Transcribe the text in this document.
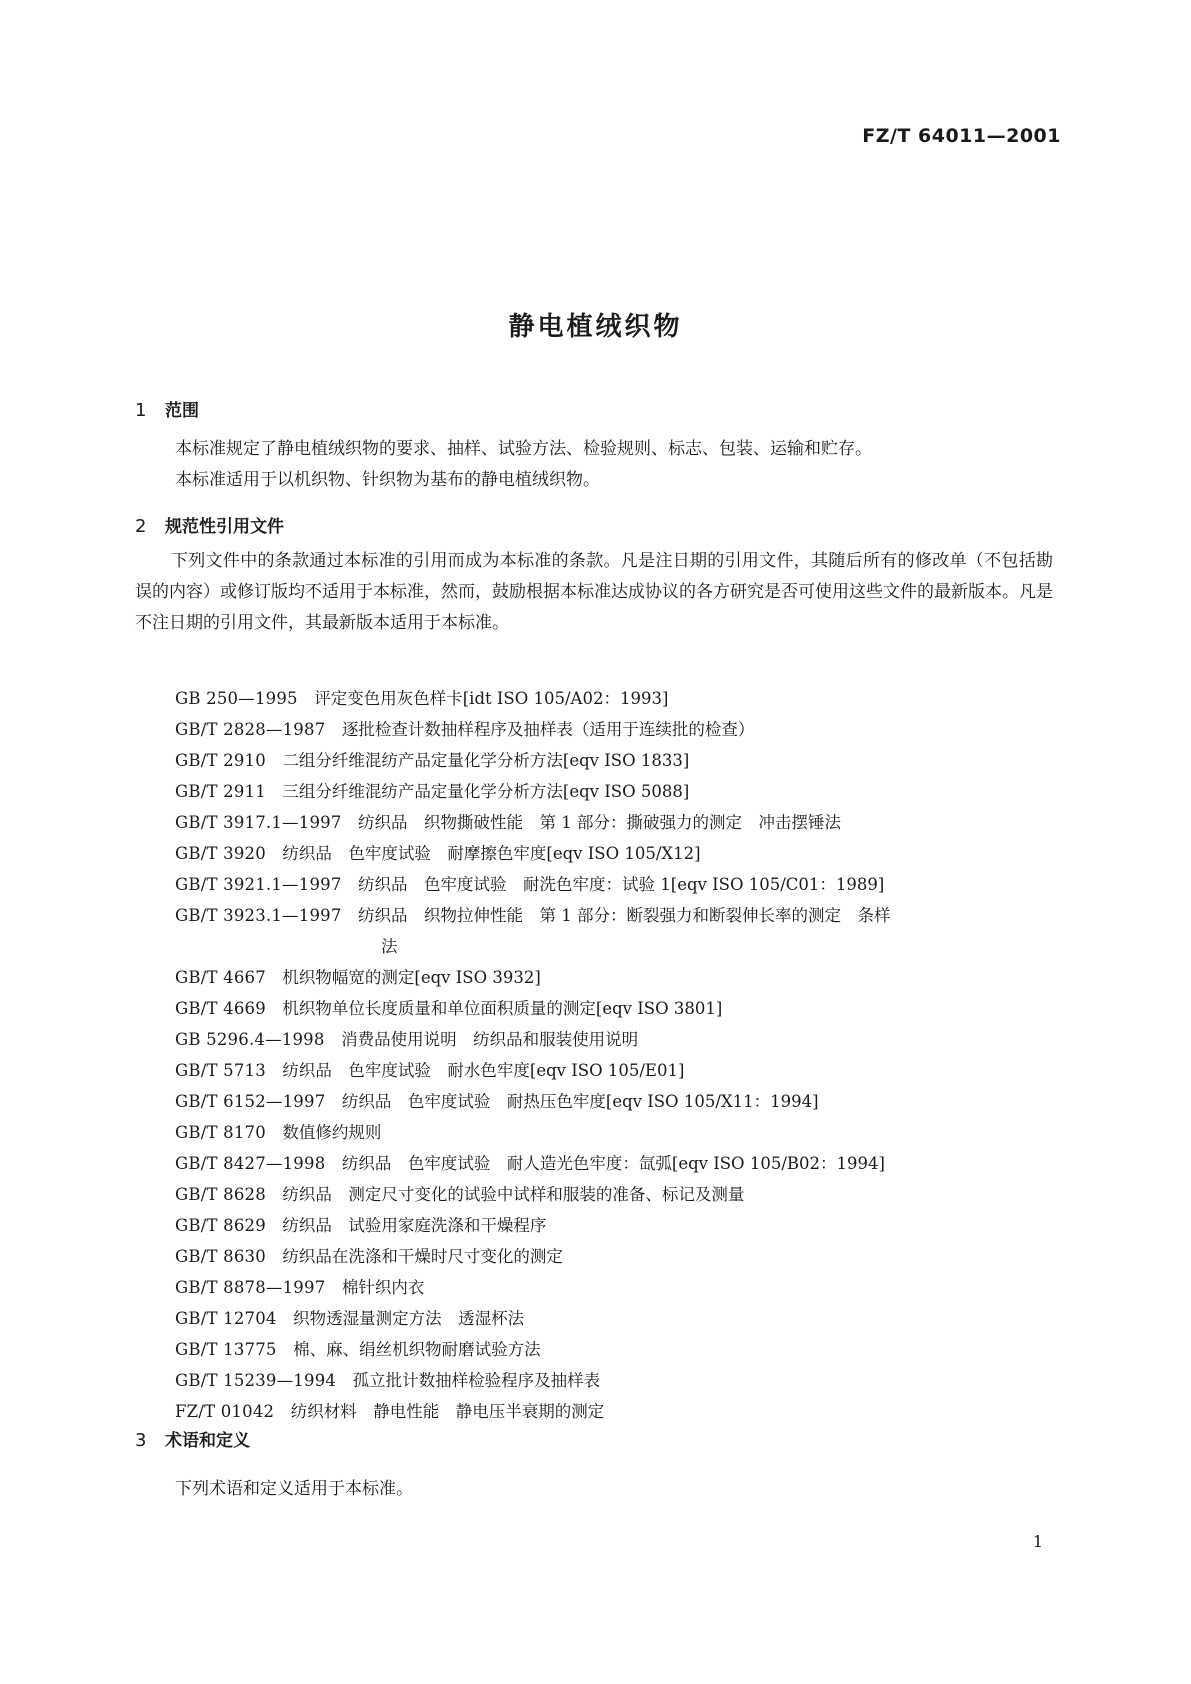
FZ/T 64011—2001
静电植绒织物
1 范围
本标准规定了静电植绒织物的要求、抽样、试验方法、检验规则、标志、包装、运输和贮存。
本标准适用于以机织物、针织物为基布的静电植绒织物。
2 规范性引用文件
下列文件中的条款通过本标准的引用而成为本标准的条款。凡是注日期的引用文件，其随后所有的修改单（不包括勘误的内容）或修订版均不适用于本标准，然而，鼓励根据本标准达成协议的各方研究是否可使用这些文件的最新版本。凡是不注日期的引用文件，其最新版本适用于本标准。
GB 250—1995　 评定变色用灰色样卡[idt ISO 105/A02：1993]
GB/T 2828—1987　 逐批检查计数抽样程序及抽样表（适用于连续批的检查）
GB/T 2910　 二组分纤维混纺产品定量化学分析方法[eqv ISO 1833]
GB/T 2911　 三组分纤维混纺产品定量化学分析方法[eqv ISO 5088]
GB/T 3917.1—1997　 纺织品　织物撕破性能　第 1 部分：撕破强力的测定　冲击摆锤法
GB/T 3920　 纺织品　色牢度试验　耐摩擦色牢度[eqv ISO 105/X12]
GB/T 3921.1—1997　 纺织品　色牢度试验　耐洗色牢度：试验 1[eqv ISO 105/C01：1989]
GB/T 3923.1—1997　 纺织品　织物拉伸性能　第 1 部分：断裂强力和断裂伸长率的测定　条样
法
GB/T 4667　 机织物幅宽的测定[eqv ISO 3932]
GB/T 4669　 机织物单位长度质量和单位面积质量的测定[eqv ISO 3801]
GB 5296.4—1998　 消费品使用说明　纺织品和服装使用说明
GB/T 5713　 纺织品　色牢度试验　耐水色牢度[eqv ISO 105/E01]
GB/T 6152—1997　 纺织品　色牢度试验　耐热压色牢度[eqv ISO 105/X11：1994]
GB/T 8170　 数值修约规则
GB/T 8427—1998　 纺织品　色牢度试验　耐人造光色牢度：氙弧[eqv ISO 105/B02：1994]
GB/T 8628　 纺织品　测定尺寸变化的试验中试样和服装的准备、标记及测量
GB/T 8629　 纺织品　试验用家庭洗涤和干燥程序
GB/T 8630　 纺织品在洗涤和干燥时尺寸变化的测定
GB/T 8878—1997　 棉针织内衣
GB/T 12704　 织物透湿量测定方法　透湿杯法
GB/T 13775　 棉、麻、绢丝机织物耐磨试验方法
GB/T 15239—1994　 孤立批计数抽样检验程序及抽样表
FZ/T 01042　 纺织材料　静电性能　静电压半衰期的测定
3 术语和定义
下列术语和定义适用于本标准。
1
